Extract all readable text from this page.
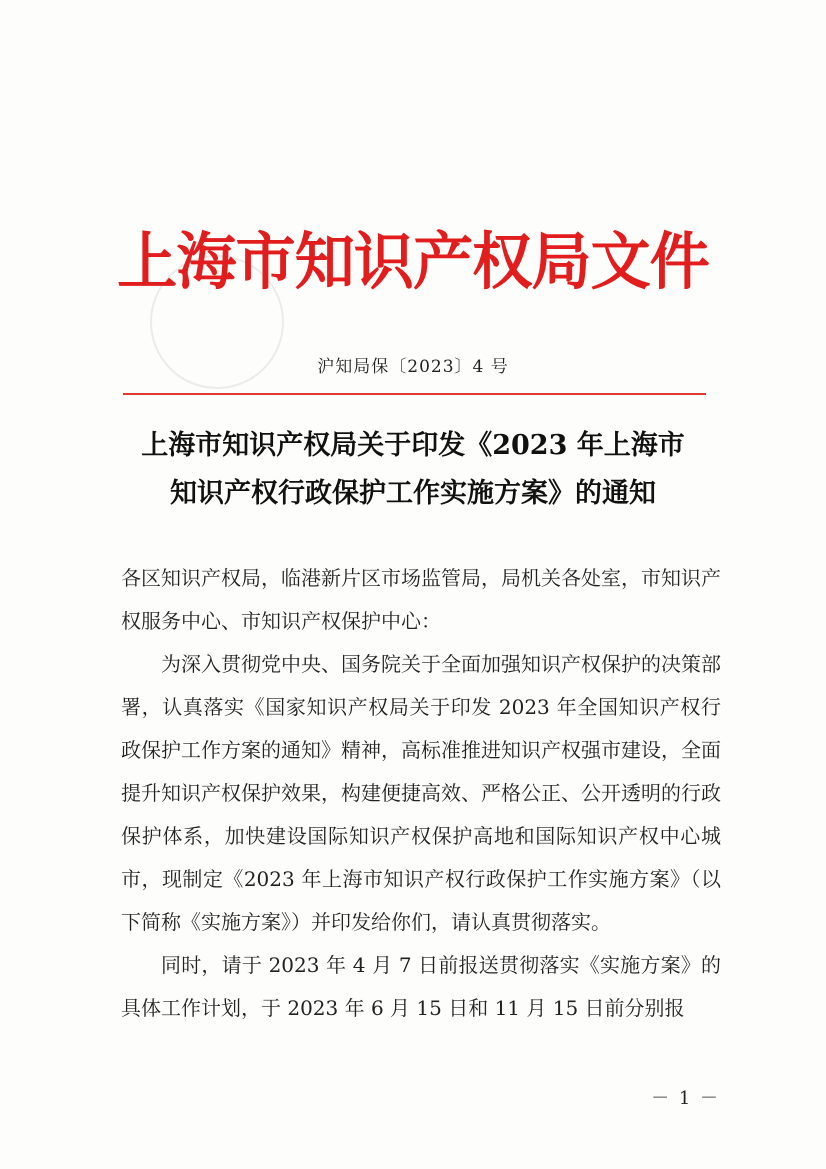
上海市知识产权局文件
沪知局保〔2023〕4 号
上海市知识产权局关于印发《2023 年上海市
知识产权行政保护工作实施方案》的通知

各区知识产权局，临港新片区市场监管局，局机关各处室，市知识产权服务中心、市知识产权保护中心：

为深入贯彻党中央、国务院关于全面加强知识产权保护的决策部署，认真落实《国家知识产权局关于印发 2023 年全国知识产权行政保护工作方案的通知》精神，高标准推进知识产权强市建设，全面提升知识产权保护效果，构建便捷高效、严格公正、公开透明的行政保护体系，加快建设国际知识产权保护高地和国际知识产权中心城市，现制定《2023 年上海市知识产权行政保护工作实施方案》（以下简称《实施方案》）并印发给你们，请认真贯彻落实。

同时，请于 2023 年 4 月 7 日前报送贯彻落实《实施方案》的具体工作计划，于 2023 年 6 月 15 日和 11 月 15 日前分别报

－ 1 －
